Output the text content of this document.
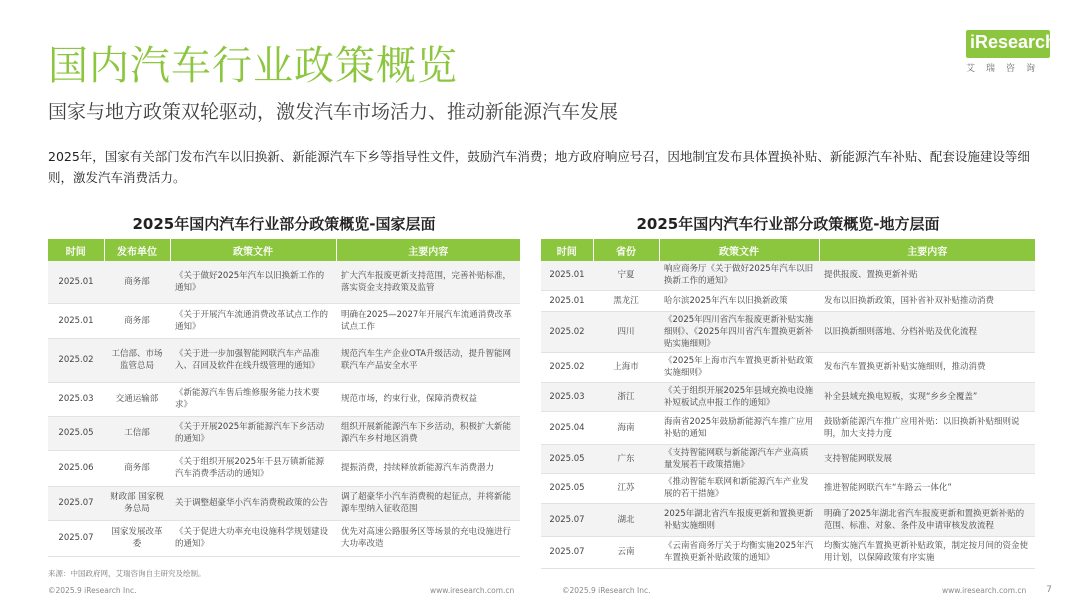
国内汽车行业政策概览
国家与地方政策双轮驱动，激发汽车市场活力、推动新能源汽车发展
2025年，国家有关部门发布汽车以旧换新、新能源汽车下乡等指导性文件，鼓励汽车消费；地方政府响应号召，因地制宜发布具体置换补贴、新能源汽车补贴、配套设施建设等细则，激发汽车消费活力。
iResearch
艾瑞咨询
2025年国内汽车行业部分政策概览-国家层面
时间	发布单位	政策文件	主要内容
2025.01	商务部	《关于做好2025年汽车以旧换新工作的通知》	扩大汽车报废更新支持范围，完善补贴标准，落实资金支持政策及监管
2025.01	商务部	《关于开展汽车流通消费改革试点工作的通知》	明确在2025—2027年开展汽车流通消费改革试点工作
2025.02	工信部、市场监管总局	《关于进一步加强智能网联汽车产品准入、召回及软件在线升级管理的通知》	规范汽车生产企业OTA升级活动，提升智能网联汽车产品安全水平
2025.03	交通运输部	《新能源汽车售后维修服务能力技术要求》	规范市场，约束行业，保障消费权益
2025.05	工信部	《关于开展2025年新能源汽车下乡活动的通知》	组织开展新能源汽车下乡活动，积极扩大新能源汽车乡村地区消费
2025.06	商务部	《关于组织开展2025年千县万镇新能源汽车消费季活动的通知》	提振消费，持续释放新能源汽车消费潜力
2025.07	财政部 国家税务总局	关于调整超豪华小汽车消费税政策的公告	调了超豪华小汽车消费税的起征点，并将新能源车型纳入征收范围
2025.07	国家发展改革委	《关于促进大功率充电设施科学规划建设的通知》	优先对高速公路服务区等场景的充电设施进行大功率改造
2025年国内汽车行业部分政策概览-地方层面
时间	省份	政策文件	主要内容
2025.01	宁夏	响应商务厅《关于做好2025年汽车以旧换新工作的通知》	提供报废、置换更新补贴
2025.01	黑龙江	哈尔滨2025年汽车以旧换新政策	发布以旧换新政策，国补省补双补贴推动消费
2025.02	四川	《2025年四川省汽车报废更新补贴实施细则》、《2025年四川省汽车置换更新补贴实施细则》	以旧换新细则落地、分档补贴及优化流程
2025.02	上海市	《2025年上海市汽车置换更新补贴政策实施细则》	发布汽车置换更新补贴实施细则，推动消费
2025.03	浙江	《关于组织开展2025年县域充换电设施补短板试点申报工作的通知》	补全县域充换电短板，实现“乡乡全覆盖”
2025.04	海南	海南省2025年鼓励新能源汽车推广应用补贴的通知	鼓励新能源汽车推广应用补贴：以旧换新补贴细则说明，加大支持力度
2025.05	广东	《支持智能网联与新能源汽车产业高质量发展若干政策措施》	支持智能网联发展
2025.05	江苏	《推动智能车联网和新能源汽车产业发展的若干措施》	推进智能网联汽车“车路云一体化”
2025.07	湖北	2025年湖北省汽车报废更新和置换更新补贴实施细则	明确了2025年湖北省汽车报废更新和置换更新补贴的范围、标准、对象、条件及申请审核发放流程
2025.07	云南	《云南省商务厅关于均衡实施2025年汽车置换更新补贴政策的通知》	均衡实施汽车置换更新补贴政策，制定按月间的资金使用计划，以保障政策有序实施
来源：中国政府网，艾瑞咨询自主研究及绘制。
©2025.9 iResearch Inc.	www.iresearch.com.cn	©2025.9 iResearch Inc.	www.iresearch.com.cn 7
